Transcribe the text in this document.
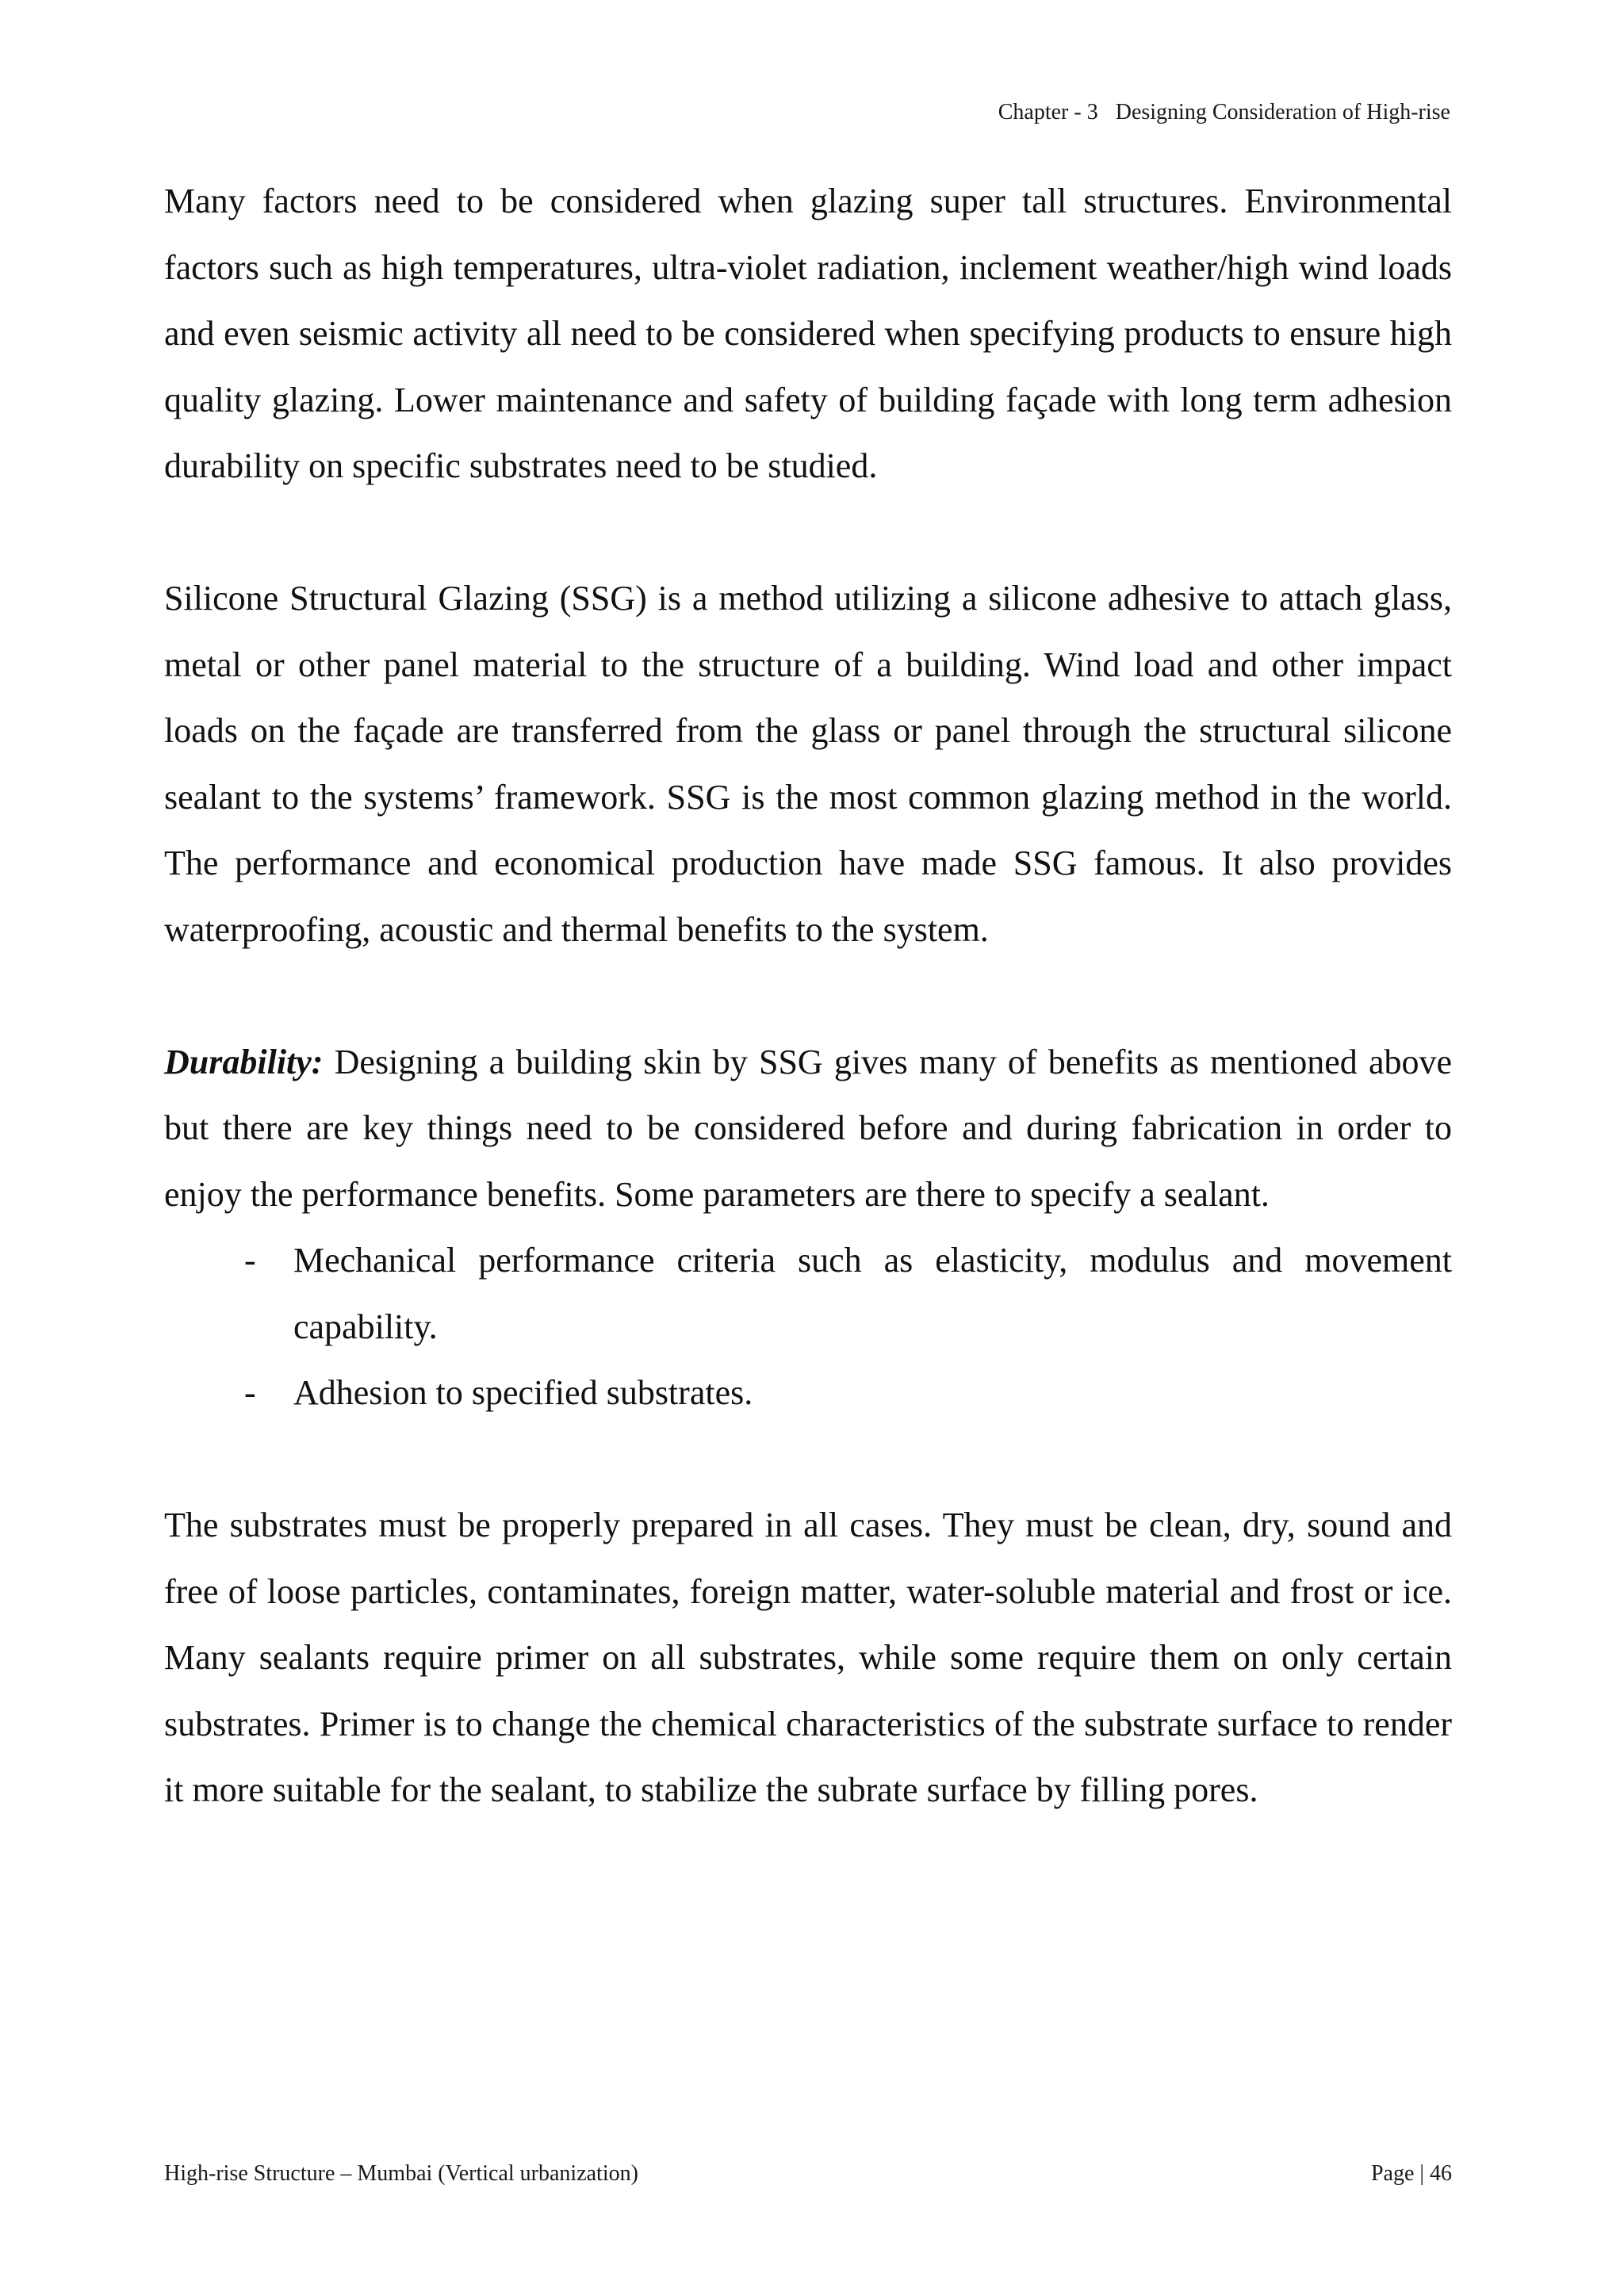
Chapter - 3 Designing Consideration of High-rise

Many factors need to be considered when glazing super tall structures. Environmental factors such as high temperatures, ultra-violet radiation, inclement weather/high wind loads and even seismic activity all need to be considered when specifying products to ensure high quality glazing. Lower maintenance and safety of building façade with long term adhesion durability on specific substrates need to be studied.

Silicone Structural Glazing (SSG) is a method utilizing a silicone adhesive to attach glass, metal or other panel material to the structure of a building. Wind load and other impact loads on the façade are transferred from the glass or panel through the structural silicone sealant to the systems’ framework. SSG is the most common glazing method in the world. The performance and economical production have made SSG famous. It also provides waterproofing, acoustic and thermal benefits to the system.

Durability: Designing a building skin by SSG gives many of benefits as mentioned above but there are key things need to be considered before and during fabrication in order to enjoy the performance benefits. Some parameters are there to specify a sealant.

- Mechanical performance criteria such as elasticity, modulus and movement capability.
- Adhesion to specified substrates.

The substrates must be properly prepared in all cases. They must be clean, dry, sound and free of loose particles, contaminates, foreign matter, water-soluble material and frost or ice. Many sealants require primer on all substrates, while some require them on only certain substrates. Primer is to change the chemical characteristics of the substrate surface to render it more suitable for the sealant, to stabilize the subrate surface by filling pores.

High-rise Structure – Mumbai (Vertical urbanization)	Page | 46
